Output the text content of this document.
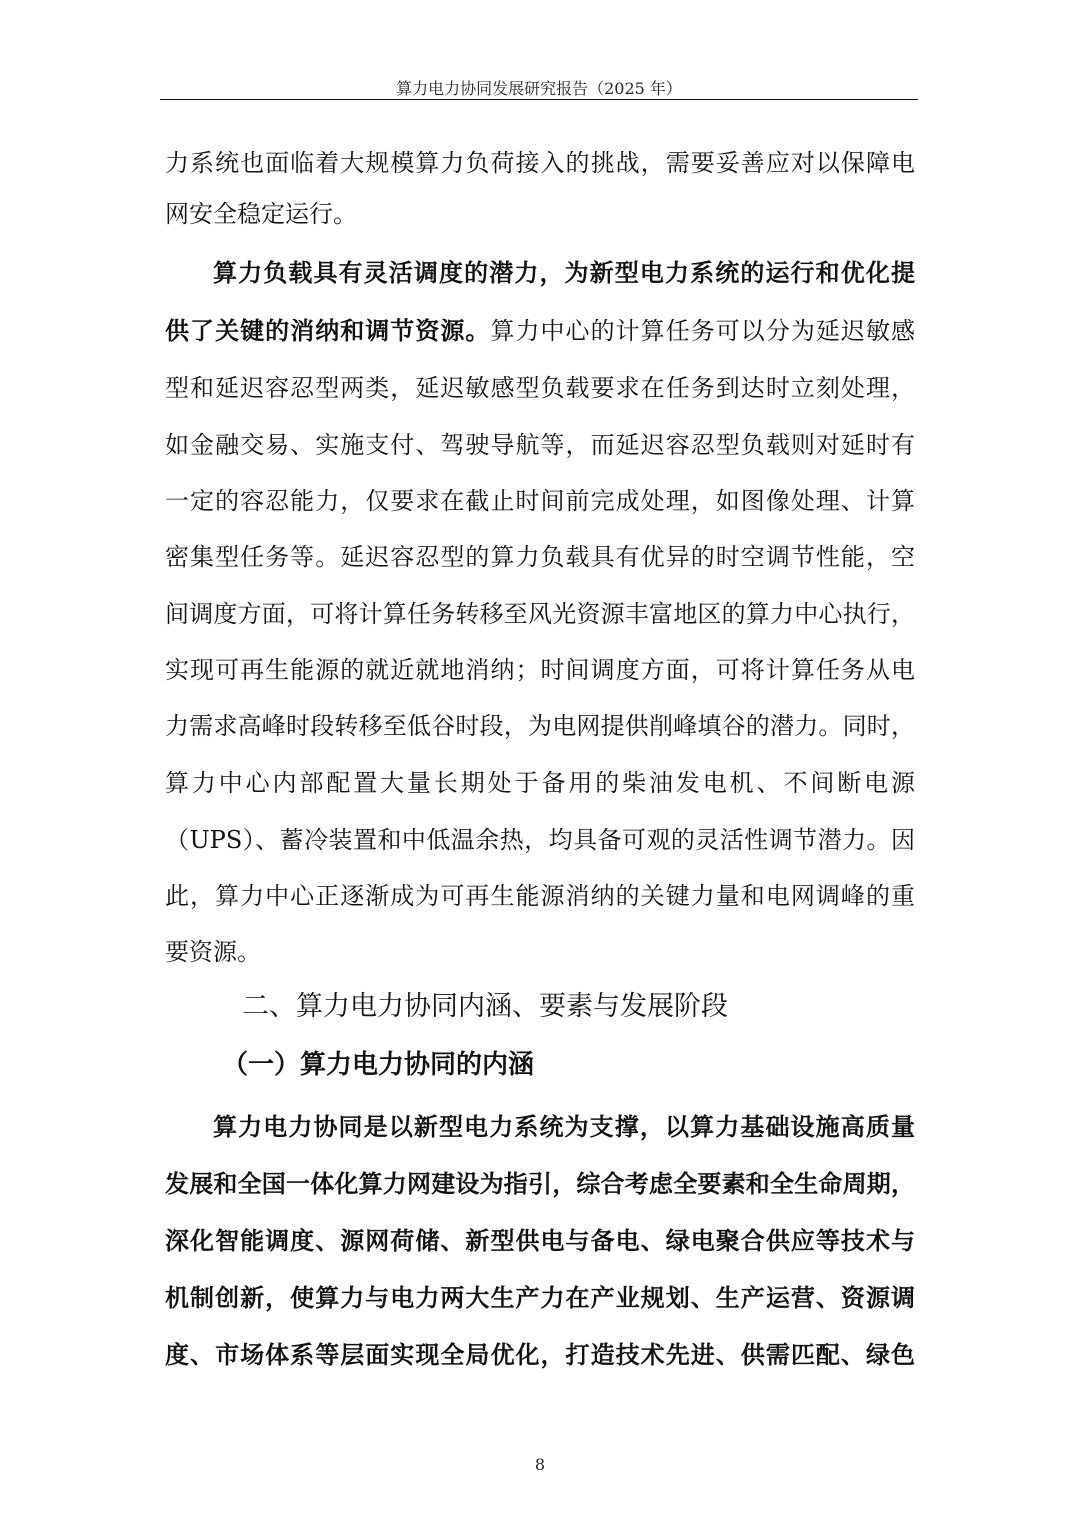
算力电力协同发展研究报告（2025 年）
力系统也面临着大规模算力负荷接入的挑战，需要妥善应对以保障电
网安全稳定运行。
算力负载具有灵活调度的潜力，为新型电力系统的运行和优化提
供了关键的消纳和调节资源。算力中心的计算任务可以分为延迟敏感
型和延迟容忍型两类，延迟敏感型负载要求在任务到达时立刻处理，
如金融交易、实施支付、驾驶导航等，而延迟容忍型负载则对延时有
一定的容忍能力，仅要求在截止时间前完成处理，如图像处理、计算
密集型任务等。延迟容忍型的算力负载具有优异的时空调节性能，空
间调度方面，可将计算任务转移至风光资源丰富地区的算力中心执行，
实现可再生能源的就近就地消纳；时间调度方面，可将计算任务从电
力需求高峰时段转移至低谷时段，为电网提供削峰填谷的潜力。同时，
算力中心内部配置大量长期处于备用的柴油发电机、不间断电源
（UPS）、蓄冷装置和中低温余热，均具备可观的灵活性调节潜力。因
此，算力中心正逐渐成为可再生能源消纳的关键力量和电网调峰的重
要资源。
二、算力电力协同内涵、要素与发展阶段
（一）算力电力协同的内涵
算力电力协同是以新型电力系统为支撑，以算力基础设施高质量
发展和全国一体化算力网建设为指引，综合考虑全要素和全生命周期，
深化智能调度、源网荷储、新型供电与备电、绿电聚合供应等技术与
机制创新，使算力与电力两大生产力在产业规划、生产运营、资源调
度、市场体系等层面实现全局优化，打造技术先进、供需匹配、绿色
8
